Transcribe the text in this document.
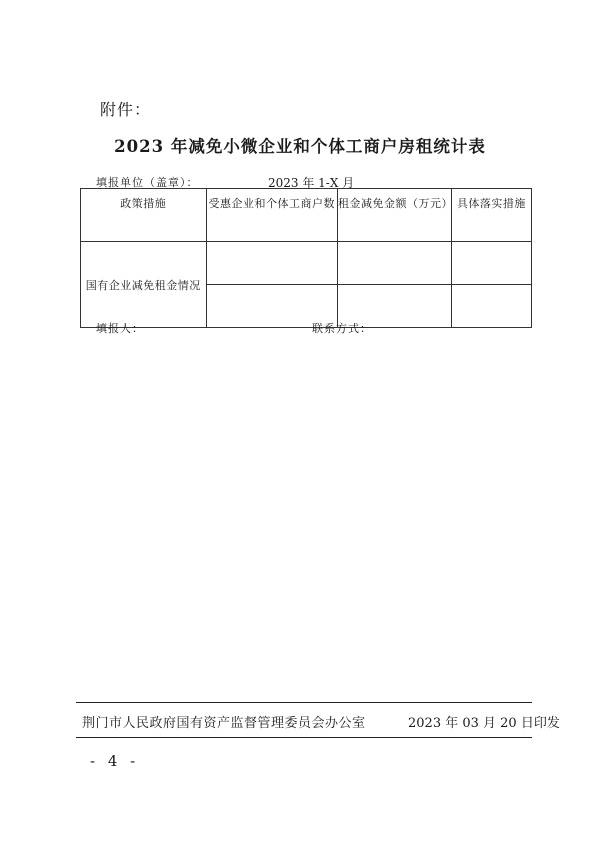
附件：
2023 年减免小微企业和个体工商户房租统计表
填报单位（盖章）：	2023 年 1-X 月
政策措施	受惠企业和个体工商户数	租金减免金额（万元）	具体落实措施
国有企业减免租金情况			

填报人：	联系方式：
荆门市人民政府国有资产监督管理委员会办公室	2023 年 03 月 20 日印发
- 4 -
